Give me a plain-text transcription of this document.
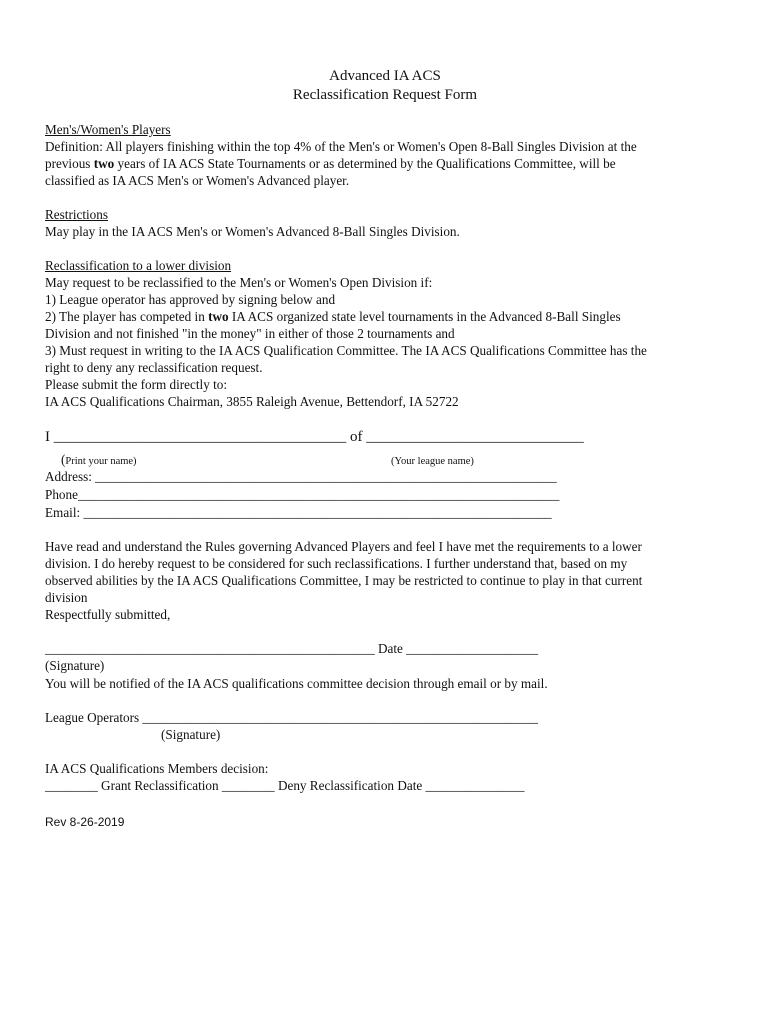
Advanced IA ACS
Reclassification Request Form
Men's/Women's Players
Definition: All players finishing within the top 4% of the Men's or Women's Open 8-Ball Singles Division at the
previous two years of IA ACS State Tournaments or as determined by the Qualifications Committee, will be
classified as IA ACS Men's or Women's Advanced player.
Restrictions
May play in the IA ACS Men's or Women's Advanced 8-Ball Singles Division.
Reclassification to a lower division
May request to be reclassified to the Men's or Women's Open Division if:
1) League operator has approved by signing below and
2) The player has competed in two IA ACS organized state level tournaments in the Advanced 8-Ball Singles
Division and not finished "in the money" in either of those 2 tournaments and
3) Must request in writing to the IA ACS Qualification Committee. The IA ACS Qualifications Committee has the
right to deny any reclassification request.
Please submit the form directly to:
IA ACS Qualifications Chairman, 3855 Raleigh Avenue, Bettendorf, IA 52722
I _______________________________________ of _____________________________
(Print your name)	(Your league name)
Address: ______________________________________________________________________
Phone_________________________________________________________________________
Email: _______________________________________________________________________
Have read and understand the Rules governing Advanced Players and feel I have met the requirements to a lower
division. I do hereby request to be considered for such reclassifications. I further understand that, based on my
observed abilities by the IA ACS Qualifications Committee, I may be restricted to continue to play in that current
division
Respectfully submitted,
__________________________________________________ Date ____________________
(Signature)
You will be notified of the IA ACS qualifications committee decision through email or by mail.
League Operators ____________________________________________________________
(Signature)
IA ACS Qualifications Members decision:
________ Grant Reclassification ________ Deny Reclassification Date _______________
Rev 8-26-2019
